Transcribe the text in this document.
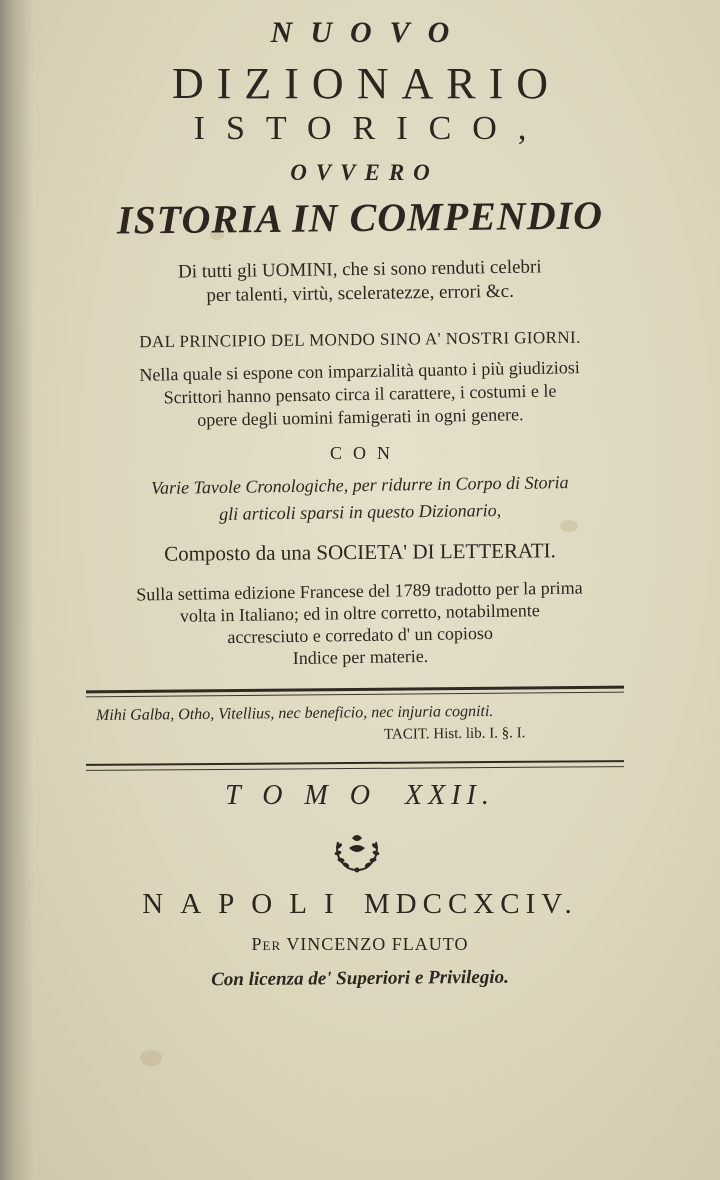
NUOVO
DIZIONARIO
ISTORICO,
OVVERO
ISTORIA IN COMPENDIO
Di tutti gli UOMINI, che si sono renduti celebri
per talenti, virtù, sceleratezze, errori &c.
DAL PRINCIPIO DEL MONDO SINO A' NOSTRI GIORNI.
Nella quale si espone con imparzialità quanto i più giudiziosi
Scrittori hanno pensato circa il carattere, i costumi e le
opere degli uomini famigerati in ogni genere.
CON
Varie Tavole Cronologiche, per ridurre in Corpo di Storia
gli articoli sparsi in questo Dizionario,
Composto da una SOCIETA' DI LETTERATI.
Sulla settima edizione Francese del 1789 tradotto per la prima
volta in Italiano; ed in oltre corretto, notabilmente
accresciuto e corredato d' un copioso
Indice per materie.
Mihi Galba, Otho, Vitellius, nec beneficio, nec injuria cogniti.
TACIT. Hist. lib. I. §. I.
TOMO XXII.
NAPOLI MDCCXCIV.
Per VINCENZO FLAUTO
Con licenza de' Superiori e Privilegio.
